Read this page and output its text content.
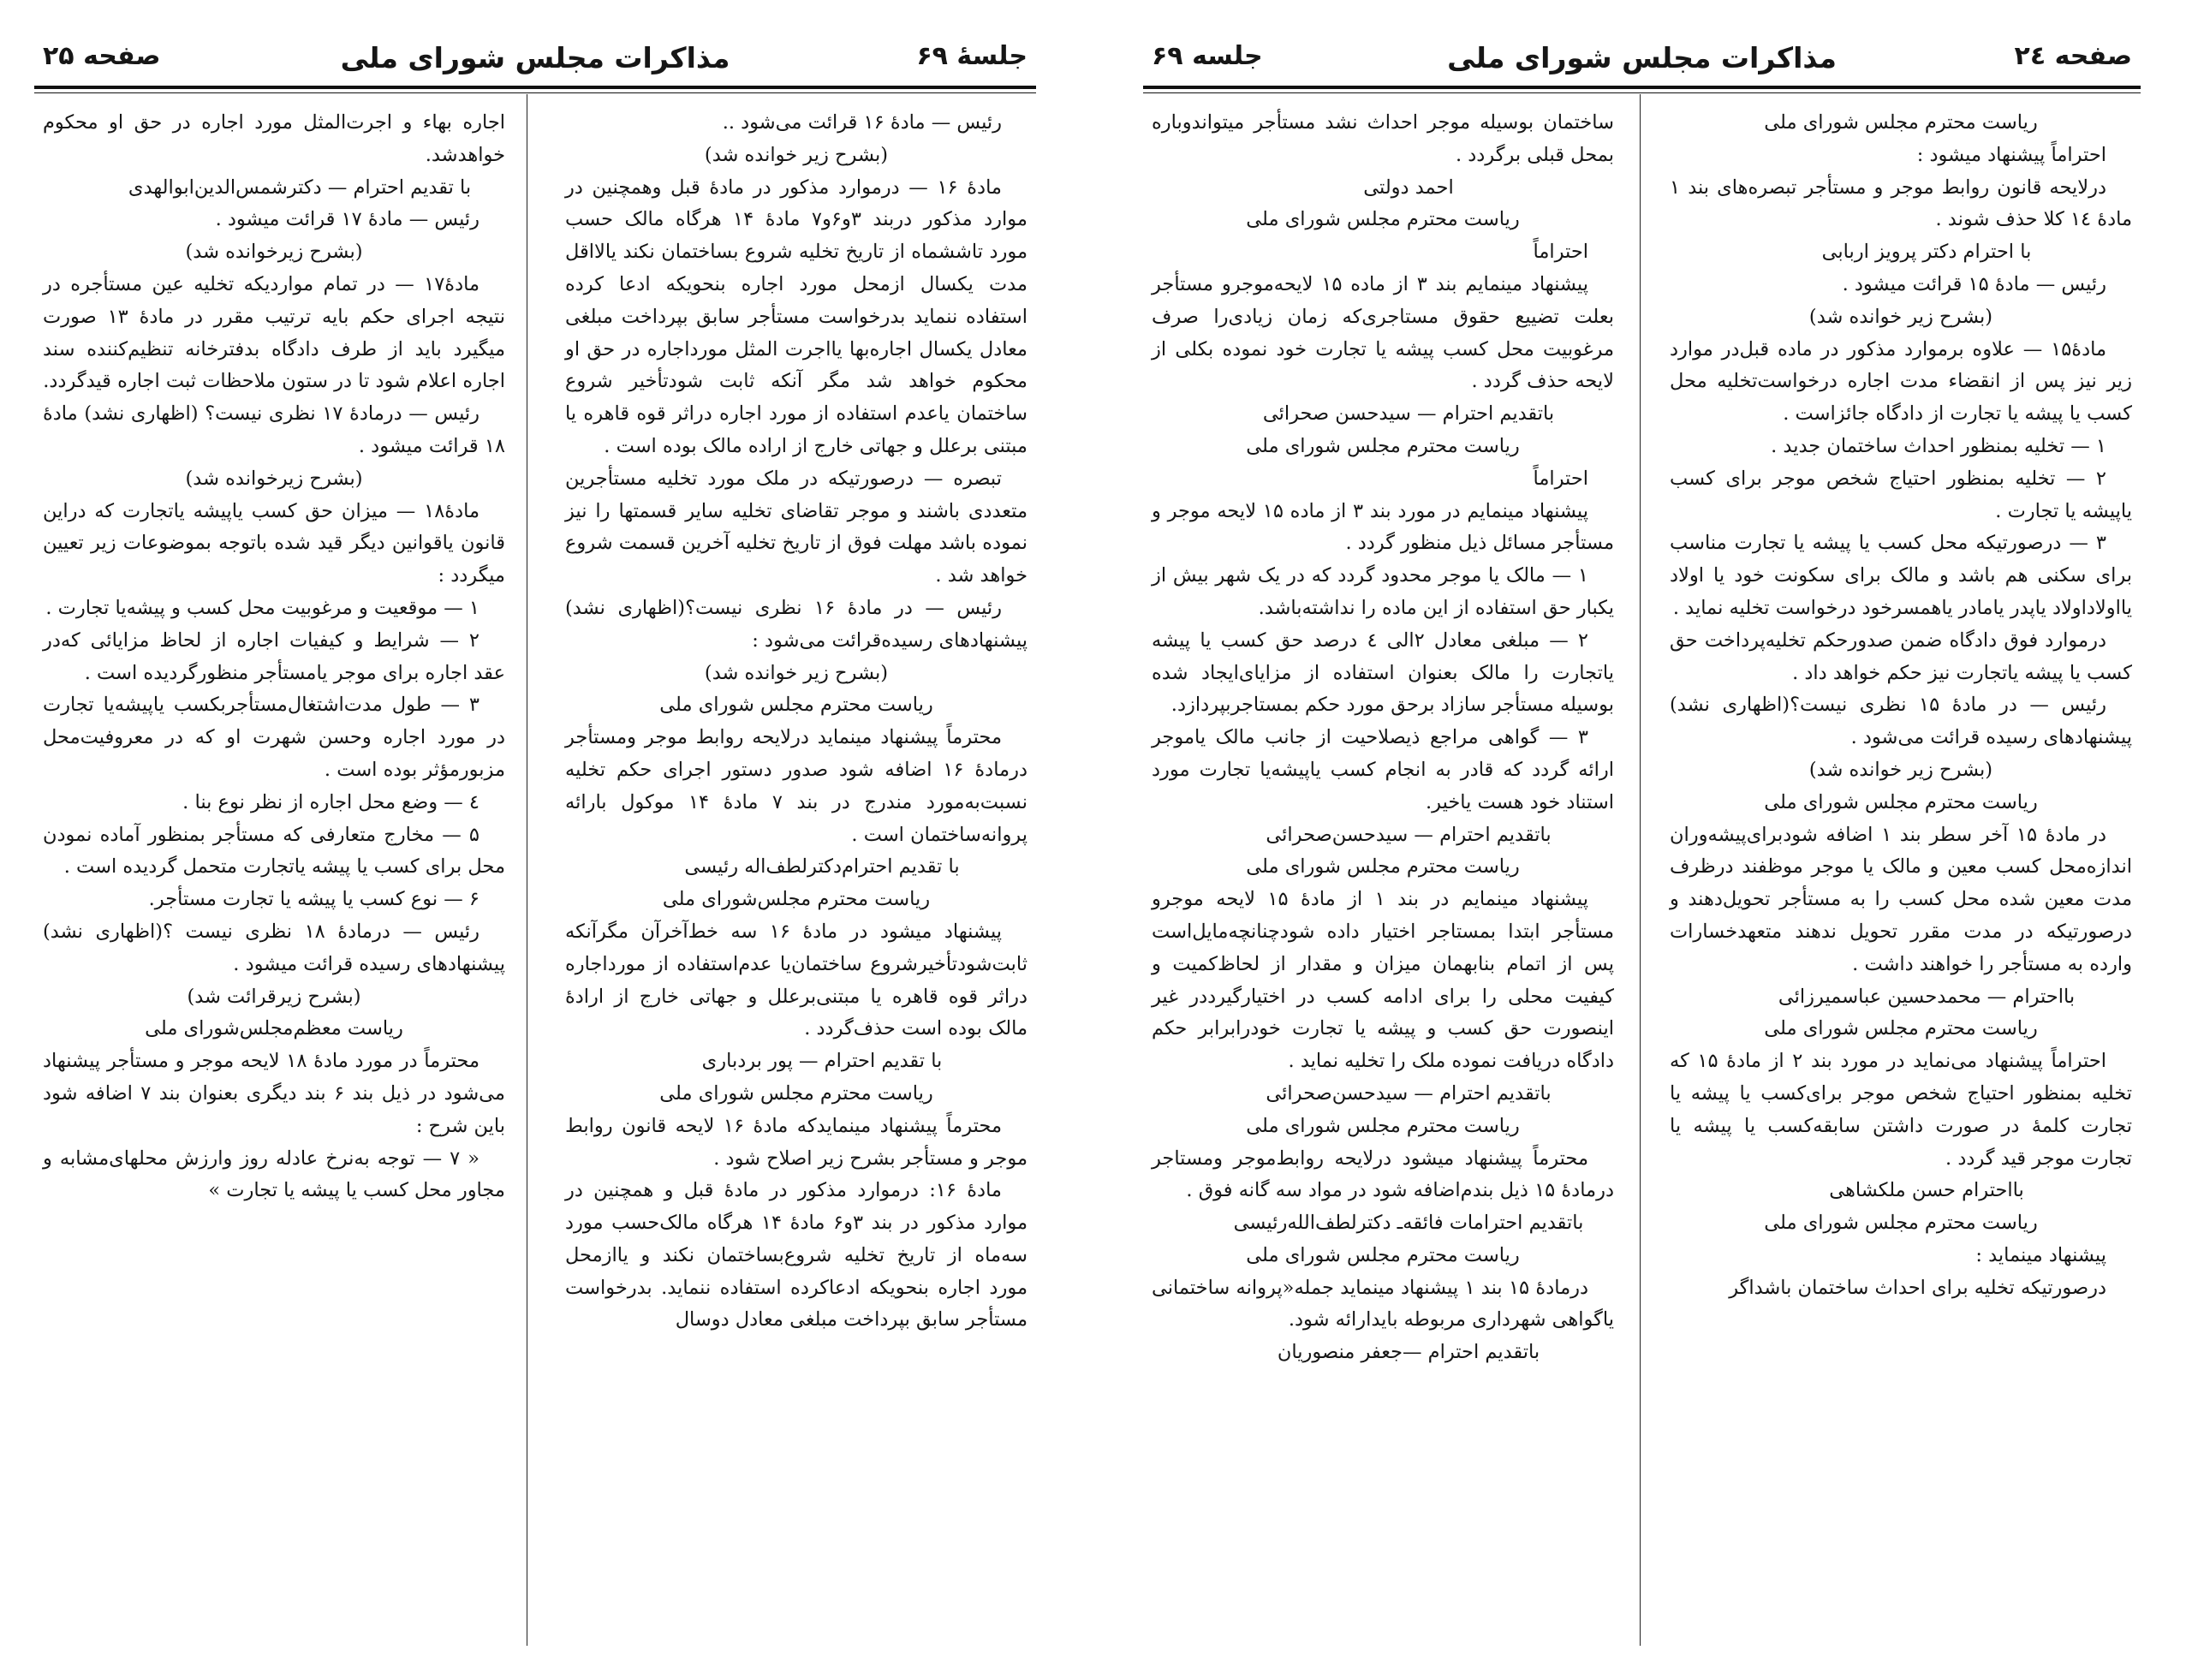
صفحه ۲٤
مذاکرات مجلس شورای ملی
جلسه ۶۹

ریاست محترم مجلس شورای ملی

احتراماً پیشنهاد میشود :

درلایحه قانون روابط موجر و مستأجر تبصره‌های بند ۱ مادهٔ ۱٤ کلا حذف شوند .

با احترام دکتر پرویز اربابی

رئیس — مادهٔ ۱۵ قرائت میشود .

(بشرح زیر خوانده شد)

مادهٔ۱۵ — علاوه برموارد مذکور در ماده قبل‌در موارد زیر نیز پس از انقضاء مدت اجاره درخواست‌تخلیه محل کسب یا پیشه یا تجارت از دادگاه جائزاست .

۱ — تخلیه بمنظور احداث ساختمان جدید .

۲ — تخلیه بمنظور احتیاج شخص موجر برای کسب یاپیشه یا تجارت .

۳ — درصورتیکه محل کسب یا پیشه یا تجارت مناسب برای سکنی هم باشد و مالک برای سکونت خود یا اولاد یااولاداولاد یاپدر یامادر یاهمسرخود درخواست تخلیه نماید .

درموارد فوق دادگاه ضمن صدورحکم تخلیه‌پرداخت حق کسب یا پیشه یاتجارت نیز حکم خواهد داد .

رئیس — در مادهٔ ۱۵ نظری نیست؟(اظهاری نشد) پیشنهادهای رسیده قرائت می‌شود .

(بشرح زیر خوانده شد)

ریاست محترم مجلس شورای ملی

در مادهٔ ۱۵ آخر سطر بند ۱ اضافه شودبرای‌پیشه‌وران اندازه‌محل کسب معین و مالک یا موجر موظفند درظرف مدت معین شده محل کسب را به مستأجر تحویل‌دهند و درصورتیکه در مدت مقرر تحویل ندهند متعهدخسارات وارده به مستأجر را خواهند داشت .

بااحترام — محمدحسین عباسمیرزائی

ریاست محترم مجلس شورای ملی

احتراماً پیشنهاد می‌نماید در مورد بند ۲ از مادهٔ ۱۵ که تخلیه بمنظور احتیاج شخص موجر برای‌کسب یا پیشه یا تجارت کلمهٔ در صورت داشتن سابقه‌کسب یا پیشه یا تجارت موجر قید گردد .

بااحترام حسن ملکشاهی

ریاست محترم مجلس شورای ملی

پیشنهاد مینماید :

درصورتیکه تخلیه برای احداث ساختمان باشداگر

ساختمان بوسیله موجر احداث نشد مستأجر میتواندوباره بمحل قبلی برگردد .

احمد دولتی

ریاست محترم مجلس شورای ملی

احتراماً

پیشنهاد مینمایم بند ۳ از ماده ۱۵ لایحه‌موجرو مستأجر بعلت تضییع حقوق مستاجری‌که زمان زیادی‌را صرف مرغوبیت محل کسب پیشه یا تجارت خود نموده بکلی از لایحه حذف گردد .

باتقدیم احترام — سیدحسن صحرائی

ریاست محترم مجلس شورای ملی

احتراماً

پیشنهاد مینمایم در مورد بند ۳ از ماده ۱۵ لایحه موجر و مستأجر مسائل ذیل منظور گردد .

۱ — مالک یا موجر محدود گردد که در یک شهر بیش از یکبار حق استفاده از این ماده را نداشته‌باشد.

۲ — مبلغی معادل ۲الی ٤ درصد حق کسب یا پیشه یاتجارت را مالک بعنوان استفاده از مزایای‌ایجاد شده بوسیله مستأجر سازاد برحق مورد حکم بمستاجربپردازد.

۳ — گواهی مراجع ذیصلاحیت از جانب مالک یاموجر ارائه گردد که قادر به انجام کسب یاپیشه‌یا تجارت مورد استناد خود هست یاخیر.

باتقدیم احترام — سیدحسن‌صحرائی

ریاست محترم مجلس شورای ملی

پیشنهاد مینمایم در بند ۱ از مادهٔ ۱۵ لایحه موجرو مستأجر ابتدا بمستاجر اختیار داده شودچنانچه‌مایل‌است پس از اتمام بنابهمان میزان و مقدار از لحاظ‌کمیت و کیفیت محلی را برای ادامه کسب در اختیارگیرددر غیر اینصورت حق کسب و پیشه یا تجارت خودرابرابر حکم دادگاه دریافت نموده ملک را تخلیه نماید .

باتقدیم احترام — سیدحسن‌صحرائی

ریاست محترم مجلس شورای ملی

محترماً پیشنهاد میشود درلایحه روابط‌موجر ومستاجر درمادهٔ ۱۵ ذیل بندم‌اضافه شود در مواد سه گانه فوق .

باتقدیم احترامات فائقه‌ـ دکترلطف‌الله‌رئیسی

ریاست محترم مجلس شورای ملی

درمادهٔ ۱۵ بند ۱ پیشنهاد مینماید جمله«پروانه ساختمانی یاگواهی شهرداری مربوطه بایدارائه شود.

باتقدیم احترام —جعفر منصوریان

جلسهٔ ۶۹
مذاکرات مجلس شورای ملی
صفحه ۲۵

رئیس — مادهٔ ۱۶ قرائت می‌شود ..

(بشرح زیر خوانده شد)

مادهٔ ۱۶ — درموارد مذکور در مادهٔ قبل وهمچنین در موارد مذکور دربند ۳و۶و۷ مادهٔ ۱۴ هرگاه مالک حسب مورد تاششماه از تاریخ تخلیه شروع بساختمان نکند یالااقل مدت یکسال ازمحل مورد اجاره بنحویکه ادعا کرده استفاده ننماید بدرخواست مستأجر سابق بپرداخت مبلغی معادل یکسال اجاره‌بها یااجرت المثل مورداجاره در حق او محکوم خواهد شد مگر آنکه ثابت شودتأخیر شروع ساختمان یاعدم استفاده از مورد اجاره دراثر قوه قاهره یا مبتنی برعلل و جهاتی خارج از اراده مالک بوده است .

تبصره — درصورتیکه در ملک مورد تخلیه مستأجرین متعددی باشند و موجر تقاضای تخلیه سایر قسمتها را نیز نموده باشد مهلت فوق از تاریخ تخلیه آخرین قسمت شروع خواهد شد .

رئیس — در مادهٔ ۱۶ نظری نیست؟(اظهاری نشد) پیشنهادهای رسیده‌قرائت می‌شود :

(بشرح زیر خوانده شد)

ریاست محترم مجلس شورای ملی

محترماً پیشنهاد مینماید درلایحه روابط موجر ومستأجر درمادهٔ ۱۶ اضافه شود صدور دستور اجرای حکم تخلیه نسبت‌به‌مورد مندرج در بند ۷ مادهٔ ۱۴ موکول بارائه پروانه‌ساختمان است .

با تقدیم احترام‌دکترلطف‌اله رئیسی

ریاست محترم مجلس‌شورای ملی

پیشنهاد میشود در مادهٔ ۱۶ سه خط‌آخرآن مگرآنکه ثابت‌شودتأخیرشروع ساختمان‌یا عدم‌استفاده از مورداجاره دراثر قوه قاهره یا مبتنی‌برعلل و جهاتی خارج از ارادهٔ مالک بوده است حذف‌گردد .

با تقدیم احترام — پور بردباری

ریاست محترم مجلس شورای ملی

محترماً پیشنهاد مینمایدکه مادهٔ ۱۶ لایحه قانون روابط موجر و مستأجر بشرح زیر اصلاح شود .

مادهٔ ۱۶: درموارد مذکور در مادهٔ قبل و همچنین در موارد مذکور در بند ۳و۶ مادهٔ ۱۴ هرگاه مالک‌حسب مورد سه‌ماه از تاریخ تخلیه شروع‌بساختمان نکند و یاازمحل مورد اجاره بنحویکه ادعاکرده استفاده ننماید. بدرخواست مستأجر سابق بپرداخت مبلغی معادل دوسال

اجاره بهاء و اجرت‌المثل مورد اجاره در حق او محکوم خواهدشد.

با تقدیم احترام — دکترشمس‌الدین‌ابوالهدی

رئیس — مادهٔ ۱۷ قرائت میشود .

(بشرح زیرخوانده شد)

مادهٔ۱۷ — در تمام مواردیکه تخلیه عین مستأجره در نتیجه اجرای حکم بایه ترتیب مقرر در مادهٔ ۱۳ صورت میگیرد باید از طرف دادگاه بدفترخانه تنظیم‌کننده سند اجاره اعلام شود تا در ستون ملاحظات ثبت اجاره قیدگردد.

رئیس — درمادهٔ ۱۷ نظری نیست؟ (اظهاری نشد) مادهٔ ۱۸ قرائت میشود .

(بشرح زیرخوانده شد)

مادهٔ۱۸ — میزان حق کسب یاپیشه یاتجارت که دراین قانون یاقوانین دیگر قید شده باتوجه بموضوعات زیر تعیین میگردد :

۱ — موقعیت و مرغوبیت محل کسب و پیشه‌یا تجارت .

۲ — شرایط و کیفیات اجاره از لحاظ مزایائی که‌در عقد اجاره برای موجر یامستأجر منظورگردیده است .

۳ — طول مدت‌اشتغال‌مستأجربکسب یاپیشه‌یا تجارت در مورد اجاره وحسن شهرت او که در معروفیت‌محل مزبورمؤثر بوده است .

٤ — وضع محل اجاره از نظر نوع بنا .

۵ — مخارج متعارفی که مستأجر بمنظور آماده نمودن محل برای کسب یا پیشه یاتجارت متحمل گردیده است .

۶ — نوع کسب یا پیشه یا تجارت مستأجر.

رئیس — درمادهٔ ۱۸ نظری نیست ؟(اظهاری نشد) پیشنهادهای رسیده قرائت میشود .

(بشرح زیرقرائت شد)

ریاست معظم‌مجلس‌شورای ملی

محترماً در مورد مادهٔ ۱۸ لایحه موجر و مستأجر پیشنهاد می‌شود در ذیل بند ۶ بند دیگری بعنوان بند ۷ اضافه شود باین شرح :

« ۷ — توجه به‌نرخ عادله روز وارزش محلهای‌مشابه و مجاور محل کسب یا پیشه یا تجارت »
